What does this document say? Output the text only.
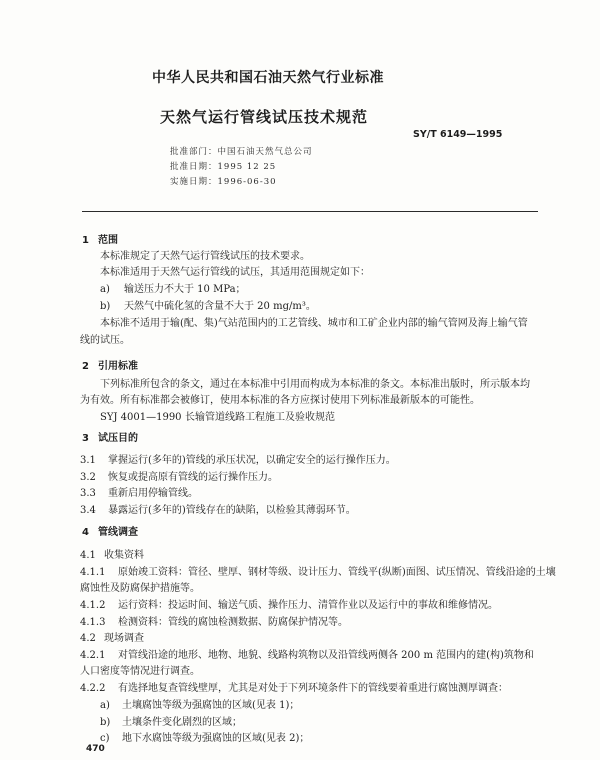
中华人民共和国石油天然气行业标准
天然气运行管线试压技术规范
SY/T 6149—1995
批准部门：中国石油天然气总公司
批准日期：1995 12 25
实施日期：1996-06-30
1 范围
本标准规定了天然气运行管线试压的技术要求。
本标准适用于天然气运行管线的试压，其适用范围规定如下：
a) 输送压力不大于 10 MPa；
b) 天然气中硫化氢的含量不大于 20 mg/m³。
本标准不适用于输(配、集)气站范围内的工艺管线、城市和工矿企业内部的输气管网及海上输气管
线的试压。
2 引用标准
下列标准所包含的条文，通过在本标准中引用而构成为本标准的条文。本标准出版时，所示版本均
为有效。所有标准都会被修订，使用本标准的各方应探讨使用下列标准最新版本的可能性。
SYJ 4001—1990 长输管道线路工程施工及验收规范
3 试压目的
3.1 掌握运行(多年的)管线的承压状况，以确定安全的运行操作压力。
3.2 恢复或提高原有管线的运行操作压力。
3.3 重新启用停输管线。
3.4 暴露运行(多年的)管线存在的缺陷，以检验其薄弱环节。
4 管线调查
4.1 收集资料
4.1.1 原始竣工资料：管径、壁厚、钢材等级、设计压力、管线平(纵断)面图、试压情况、管线沿途的土壤
腐蚀性及防腐保护措施等。
4.1.2 运行资料：投运时间、输送气质、操作压力、清管作业以及运行中的事故和维修情况。
4.1.3 检测资料：管线的腐蚀检测数据、防腐保护情况等。
4.2 现场调查
4.2.1 对管线沿途的地形、地物、地貌、线路构筑物以及沿管线两侧各 200 m 范围内的建(构)筑物和
人口密度等情况进行调查。
4.2.2 有选择地复查管线壁厚，尤其是对处于下列环境条件下的管线要着重进行腐蚀测厚调查：
a) 土壤腐蚀等级为强腐蚀的区域(见表 1)；
b) 土壤条件变化剧烈的区域；
c) 地下水腐蚀等级为强腐蚀的区域(见表 2)；
470
